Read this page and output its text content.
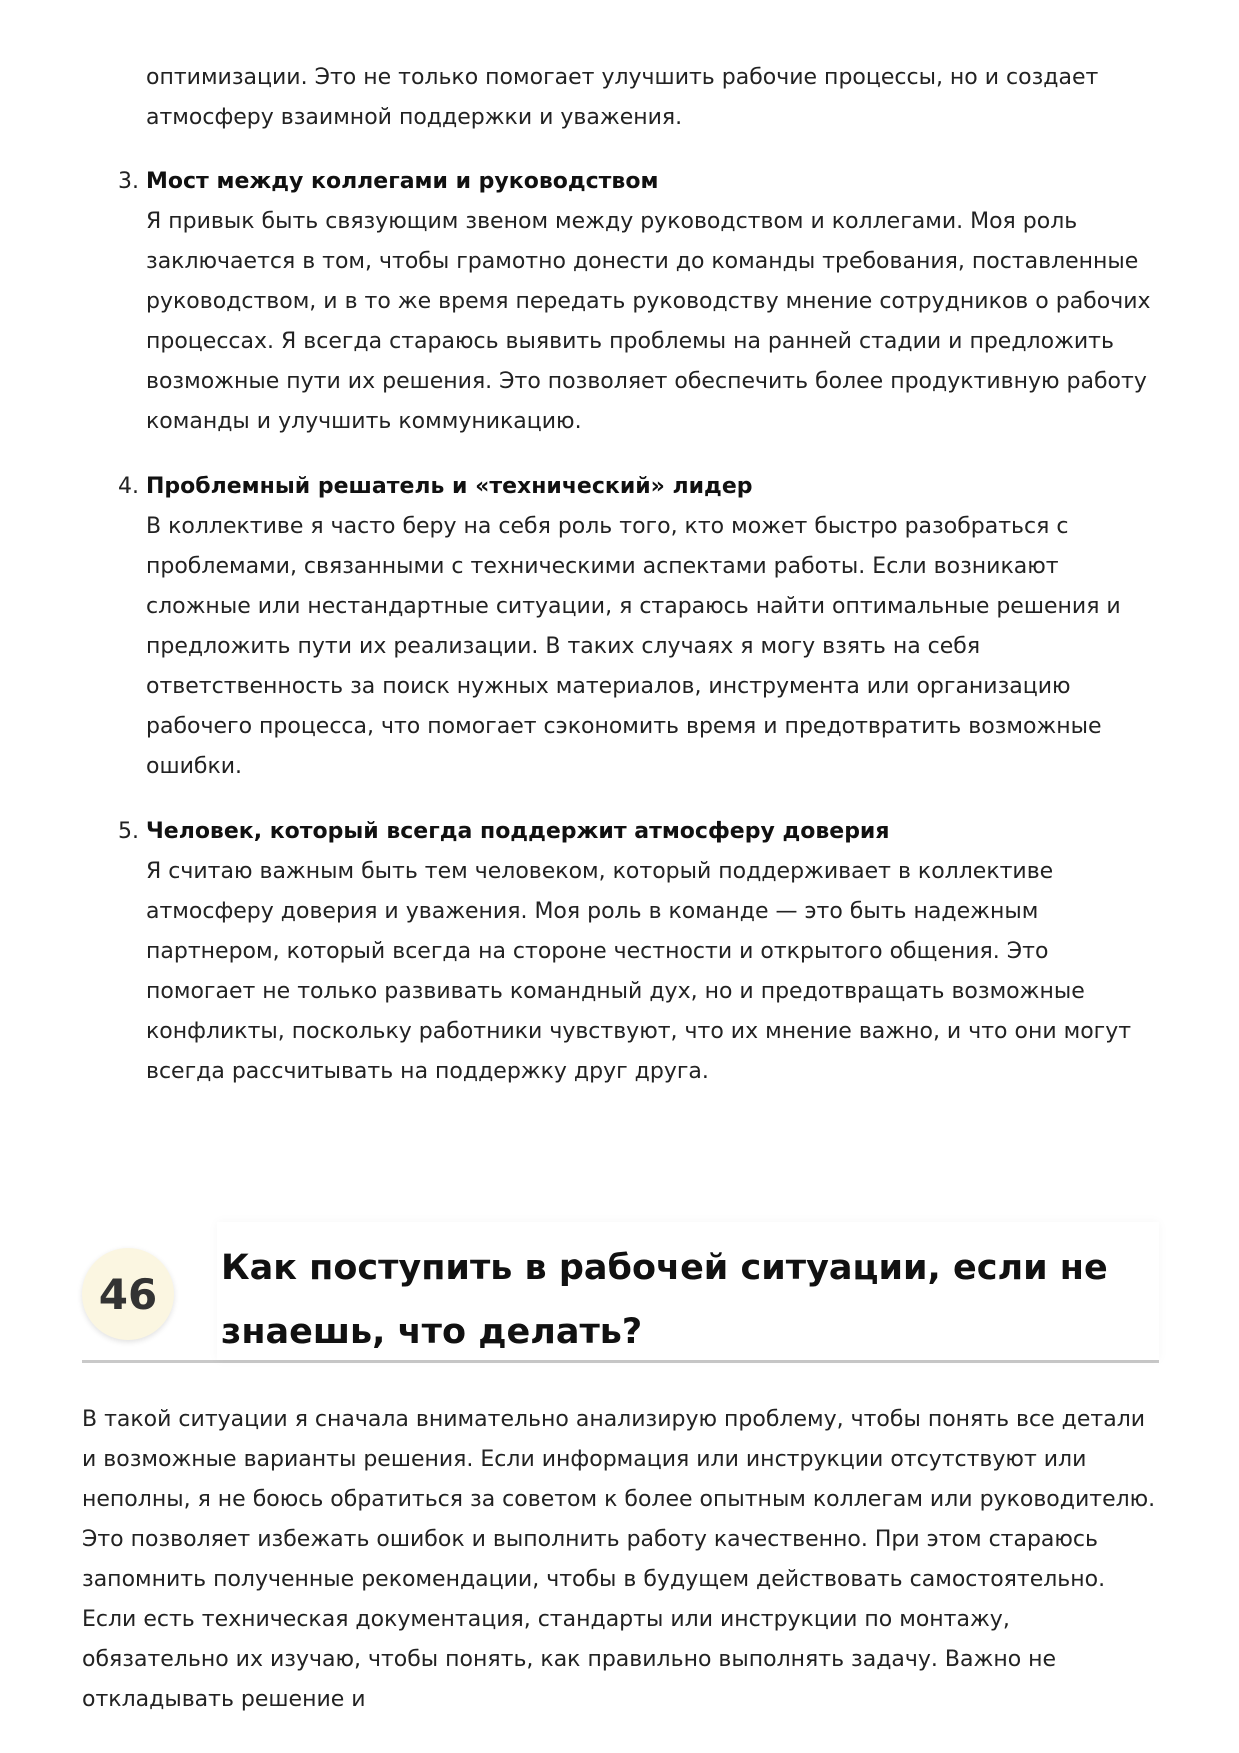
оптимизации. Это не только помогает улучшить рабочие процессы, но и создает атмосферу взаимной поддержки и уважения.

3. Мост между коллегами и руководством

Я привык быть связующим звеном между руководством и коллегами. Моя роль заключается в том, чтобы грамотно донести до команды требования, поставленные руководством, и в то же время передать руководству мнение сотрудников о рабочих процессах. Я всегда стараюсь выявить проблемы на ранней стадии и предложить возможные пути их решения. Это позволяет обеспечить более продуктивную работу команды и улучшить коммуникацию.

4. Проблемный решатель и «технический» лидер

В коллективе я часто беру на себя роль того, кто может быстро разобраться с проблемами, связанными с техническими аспектами работы. Если возникают сложные или нестандартные ситуации, я стараюсь найти оптимальные решения и предложить пути их реализации. В таких случаях я могу взять на себя ответственность за поиск нужных материалов, инструмента или организацию рабочего процесса, что помогает сэкономить время и предотвратить возможные ошибки.

5. Человек, который всегда поддержит атмосферу доверия

Я считаю важным быть тем человеком, который поддерживает в коллективе атмосферу доверия и уважения. Моя роль в команде — это быть надежным партнером, который всегда на стороне честности и открытого общения. Это помогает не только развивать командный дух, но и предотвращать возможные конфликты, поскольку работники чувствуют, что их мнение важно, и что они могут всегда рассчитывать на поддержку друг друга.

46
Как поступить в рабочей ситуации, если не знаешь, что делать?

В такой ситуации я сначала внимательно анализирую проблему, чтобы понять все детали и возможные варианты решения. Если информация или инструкции отсутствуют или неполны, я не боюсь обратиться за советом к более опытным коллегам или руководителю. Это позволяет избежать ошибок и выполнить работу качественно. При этом стараюсь запомнить полученные рекомендации, чтобы в будущем действовать самостоятельно. Если есть техническая документация, стандарты или инструкции по монтажу, обязательно их изучаю, чтобы понять, как правильно выполнять задачу. Важно не откладывать решение и
